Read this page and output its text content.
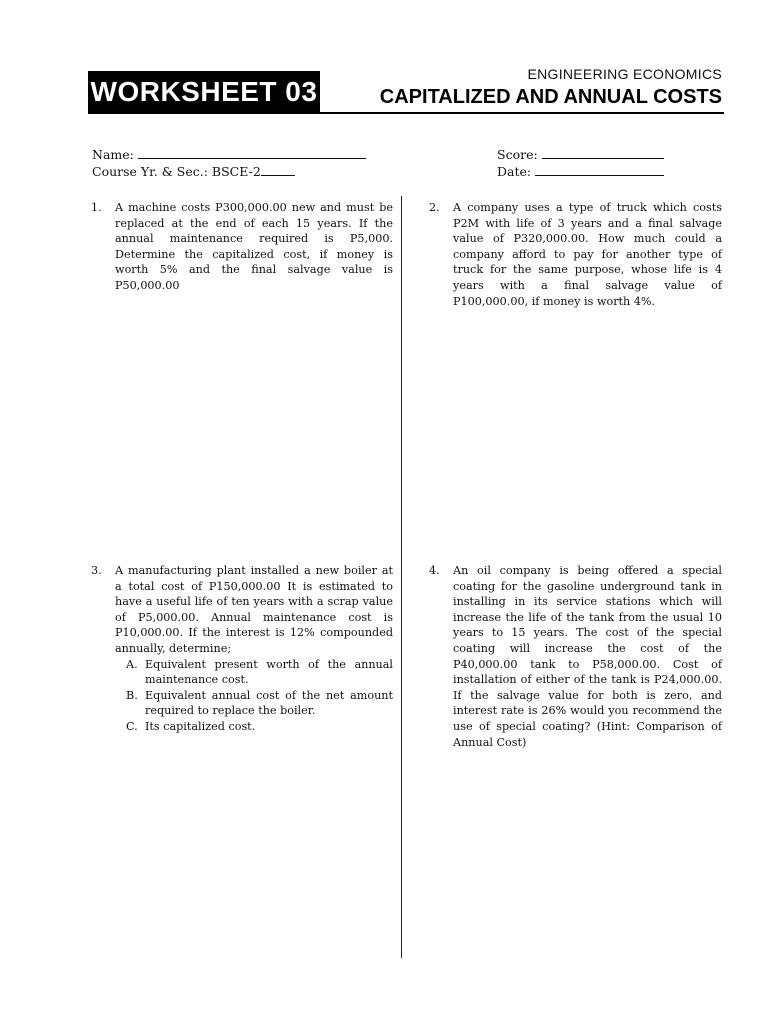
WORKSHEET 03
ENGINEERING ECONOMICS
CAPITALIZED AND ANNUAL COSTS
Name:
Course Yr. & Sec.: BSCE-2
Score:
Date:
1. A machine costs P300,000.00 new and must be replaced at the end of each 15 years. If the annual maintenance required is P5,000. Determine the capitalized cost, if money is worth 5% and the final salvage value is P50,000.00
2. A company uses a type of truck which costs P2M with life of 3 years and a final salvage value of P320,000.00. How much could a company afford to pay for another type of truck for the same purpose, whose life is 4 years with a final salvage value of P100,000.00, if money is worth 4%.
3. A manufacturing plant installed a new boiler at a total cost of P150,000.00 It is estimated to have a useful life of ten years with a scrap value of P5,000.00. Annual maintenance cost is P10,000.00. If the interest is 12% compounded annually, determine;
A. Equivalent present worth of the annual maintenance cost.
B. Equivalent annual cost of the net amount required to replace the boiler.
C. Its capitalized cost.
4. An oil company is being offered a special coating for the gasoline underground tank in installing in its service stations which will increase the life of the tank from the usual 10 years to 15 years. The cost of the special coating will increase the cost of the P40,000.00 tank to P58,000.00. Cost of installation of either of the tank is P24,000.00. If the salvage value for both is zero, and interest rate is 26% would you recommend the use of special coating? (Hint: Comparison of Annual Cost)
